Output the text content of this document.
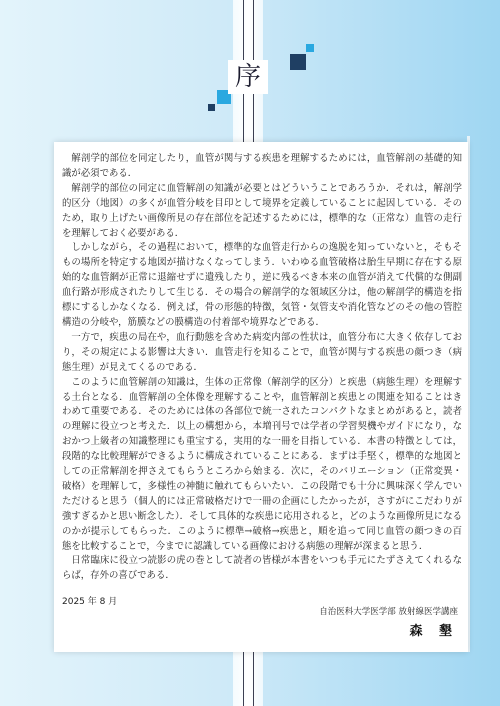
序

解剖学的部位を同定したり，血管が関与する疾患を理解するためには，血管解剖の基礎的知識が必須である．

解剖学的部位の同定に血管解剖の知識が必要とはどういうことであろうか．それは，解剖学的区分（地図）の多くが血管分岐を目印として境界を定義していることに起因している．そのため，取り上げたい画像所見の存在部位を記述するためには，標準的な（正常な）血管の走行を理解しておく必要がある．

しかしながら，その過程において，標準的な血管走行からの逸脱を知っていないと，そもそもの場所を特定する地図が描けなくなってしまう．いわゆる血管破格は胎生早期に存在する原始的な血管網が正常に退縮せずに遺残したり，逆に残るべき本来の血管が消えて代償的な側副血行路が形成されたりして生じる．その場合の解剖学的な領域区分は，他の解剖学的構造を指標にするしかなくなる．例えば，骨の形態的特徴，気管・気管支や消化管などのその他の管腔構造の分岐や，筋膜などの膜構造の付着部や境界などである．

一方で，疾患の局在や，血行動態を含めた病変内部の性状は，血管分布に大きく依存しており，その規定による影響は大きい．血管走行を知ることで，血管が関与する疾患の顔つき（病態生理）が見えてくるのである．

このように血管解剖の知識は，生体の正常像（解剖学的区分）と疾患（病態生理）を理解する土台となる．血管解剖の全体像を理解することや，血管解剖と疾患との関連を知ることはきわめて重要である．そのためには体の各部位で統一されたコンパクトなまとめがあると，読者の理解に役立つと考えた．以上の構想から，本増刊号では学者の学習契機やガイドになり，なおかつ上級者の知識整理にも重宝する，実用的な一冊を目指している．本書の特徴としては，段階的な比較理解ができるように構成されていることにある．まずは手堅く，標準的な地図としての正常解剖を押さえてもらうところから始まる．次に，そのバリエーション（正常変異・破格）を理解して，多様性の神髄に触れてもらいたい．この段階でも十分に興味深く学んでいただけると思う（個人的には正常破格だけで一冊の企画にしたかったが，さすがにこだわりが強すぎるかと思い断念した）．そして具体的な疾患に応用されると，どのような画像所見になるのかが提示してもらった．このように標準→破格→疾患と，順を追って同じ血管の顔つきの百態を比較することで，今までに認識している画像における病態の理解が深まると思う．

日常臨床に役立つ読影の虎の巻として読者の皆様が本書をいつも手元にたずさえてくれるならば，存外の喜びである．

2025 年 8 月
自治医科大学医学部 放射線医学講座
森 墾
